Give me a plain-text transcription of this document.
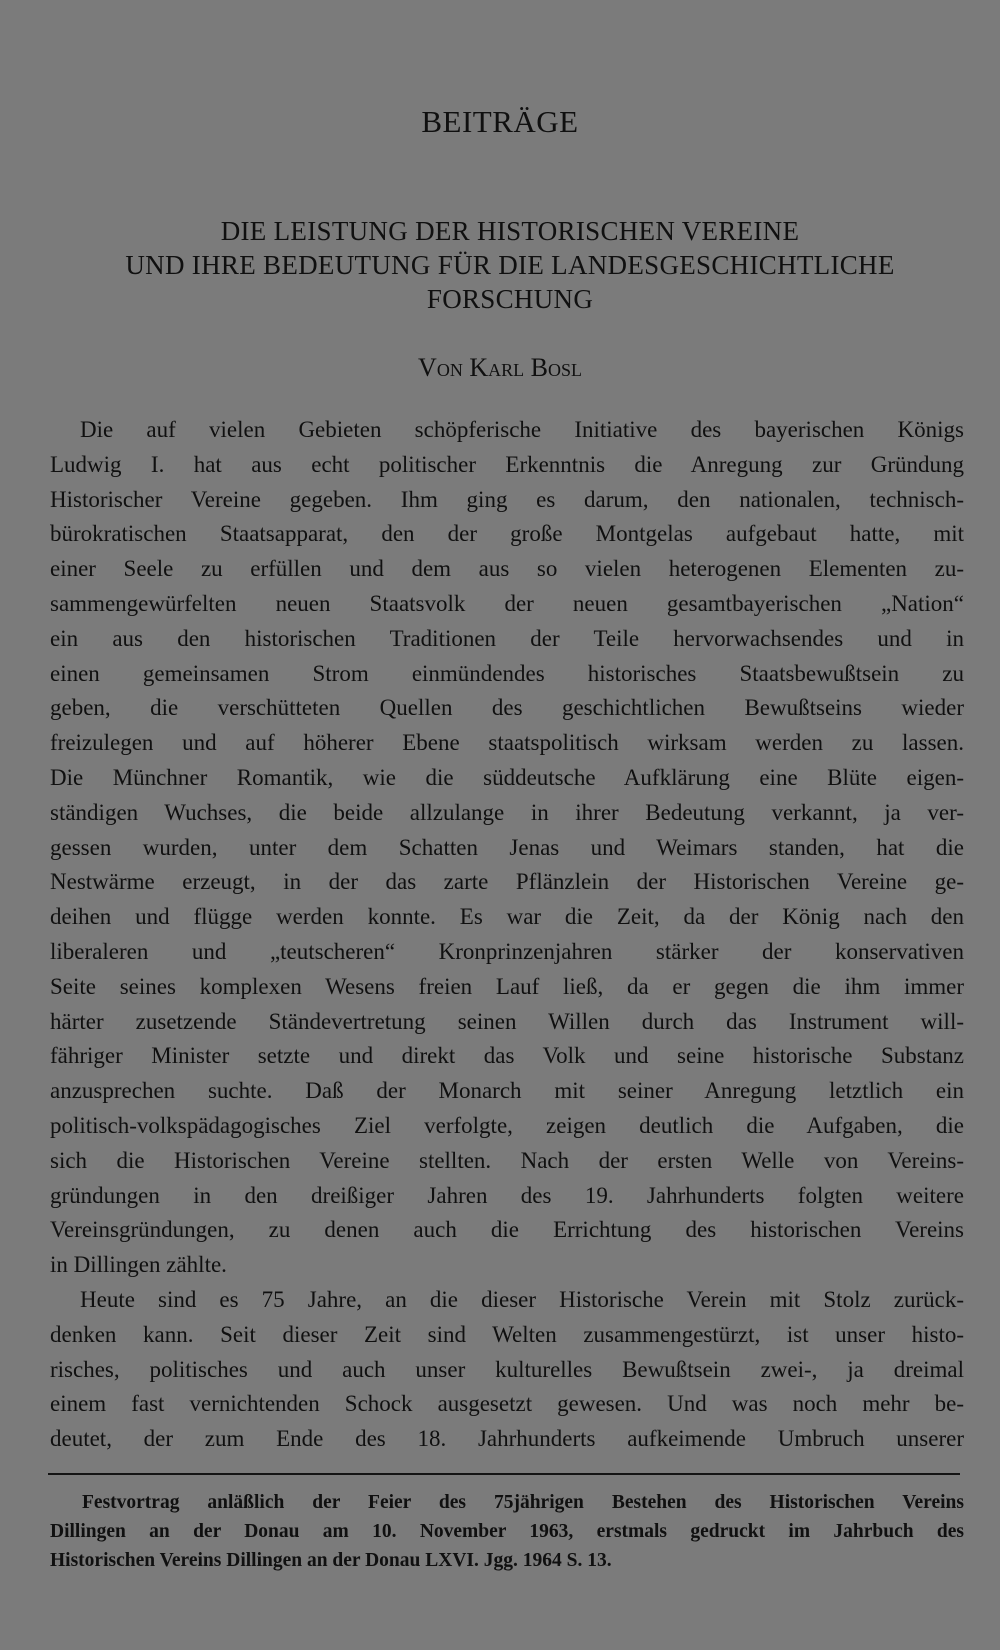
BEITRÄGE
DIE LEISTUNG DER HISTORISCHEN VEREINE
UND IHRE BEDEUTUNG FÜR DIE LANDESGESCHICHTLICHE
FORSCHUNG
Von Karl Bosl
Die auf vielen Gebieten schöpferische Initiative des bayerischen Königs
Ludwig I. hat aus echt politischer Erkenntnis die Anregung zur Gründung
Historischer Vereine gegeben. Ihm ging es darum, den nationalen, technisch-
bürokratischen Staatsapparat, den der große Montgelas aufgebaut hatte, mit
einer Seele zu erfüllen und dem aus so vielen heterogenen Elementen zu-
sammengewürfelten neuen Staatsvolk der neuen gesamtbayerischen „Nation“
ein aus den historischen Traditionen der Teile hervorwachsendes und in
einen gemeinsamen Strom einmündendes historisches Staatsbewußtsein zu
geben, die verschütteten Quellen des geschichtlichen Bewußtseins wieder
freizulegen und auf höherer Ebene staatspolitisch wirksam werden zu lassen.
Die Münchner Romantik, wie die süddeutsche Aufklärung eine Blüte eigen-
ständigen Wuchses, die beide allzulange in ihrer Bedeutung verkannt, ja ver-
gessen wurden, unter dem Schatten Jenas und Weimars standen, hat die
Nestwärme erzeugt, in der das zarte Pflänzlein der Historischen Vereine ge-
deihen und flügge werden konnte. Es war die Zeit, da der König nach den
liberaleren und „teutscheren“ Kronprinzenjahren stärker der konservativen
Seite seines komplexen Wesens freien Lauf ließ, da er gegen die ihm immer
härter zusetzende Ständevertretung seinen Willen durch das Instrument will-
fähriger Minister setzte und direkt das Volk und seine historische Substanz
anzusprechen suchte. Daß der Monarch mit seiner Anregung letztlich ein
politisch-volkspädagogisches Ziel verfolgte, zeigen deutlich die Aufgaben, die
sich die Historischen Vereine stellten. Nach der ersten Welle von Vereins-
gründungen in den dreißiger Jahren des 19. Jahrhunderts folgten weitere
Vereinsgründungen, zu denen auch die Errichtung des historischen Vereins
in Dillingen zählte.
Heute sind es 75 Jahre, an die dieser Historische Verein mit Stolz zurück-
denken kann. Seit dieser Zeit sind Welten zusammengestürzt, ist unser histo-
risches, politisches und auch unser kulturelles Bewußtsein zwei-, ja dreimal
einem fast vernichtenden Schock ausgesetzt gewesen. Und was noch mehr be-
deutet, der zum Ende des 18. Jahrhunderts aufkeimende Umbruch unserer
Festvortrag anläßlich der Feier des 75jährigen Bestehen des Historischen Vereins
Dillingen an der Donau am 10. November 1963, erstmals gedruckt im Jahrbuch des
Historischen Vereins Dillingen an der Donau LXVI. Jgg. 1964 S. 13.
